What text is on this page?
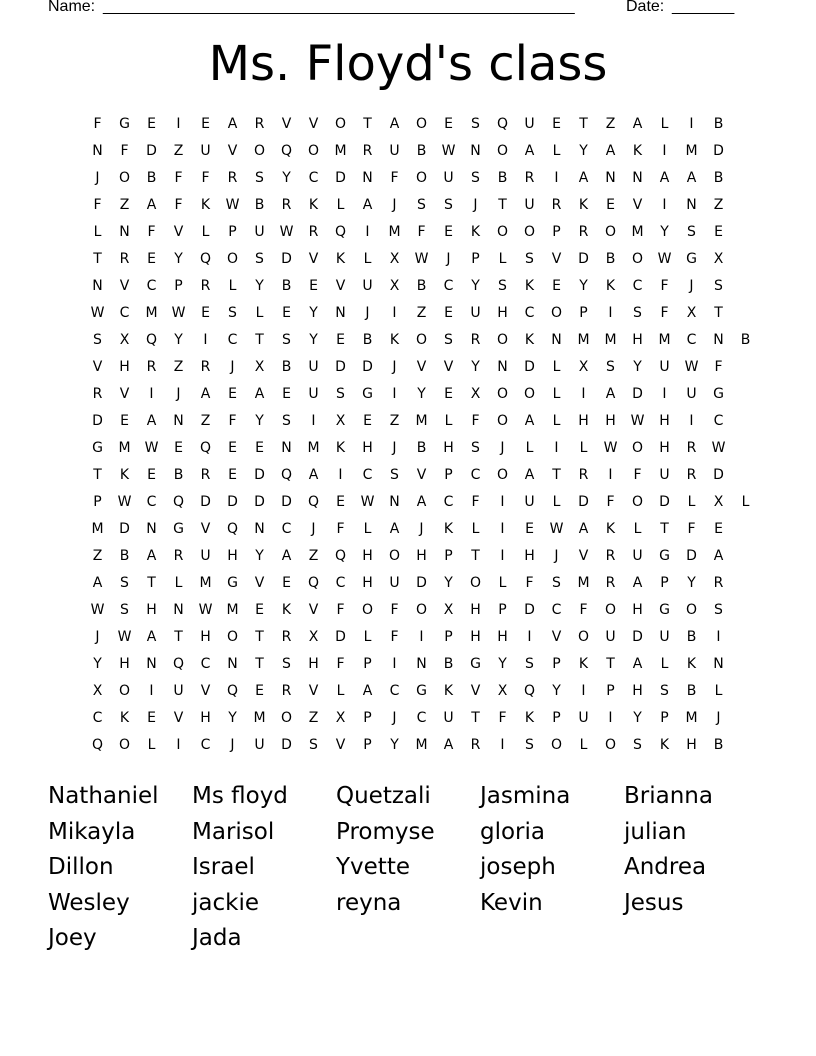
Name: _____________________________________________________	Date: _______
Ms. Floyd's class
F	G	E	I	E	A	R	V	V	O	T	A	O	E	S	Q	U	E	T	Z	A	L	I	B
N	F	D	Z	U	V	O	Q	O	M	R	U	B	W	N	O	A	L	Y	A	K	I	M	D
J	O	B	F	F	R	S	Y	C	D	N	F	O	U	S	B	R	I	A	N	N	A	A	B
F	Z	A	F	K	W	B	R	K	L	A	J	S	S	J	T	U	R	K	E	V	I	N	Z
L	N	F	V	L	P	U	W	R	Q	I	M	F	E	K	O	O	P	R	O	M	Y	S	E
T	R	E	Y	Q	O	S	D	V	K	L	X	W	J	P	L	S	V	D	B	O	W	G	X
N	V	C	P	R	L	Y	B	E	V	U	X	B	C	Y	S	K	E	Y	K	C	F	J	S
W	C	M	W	E	S	L	E	Y	N	J	I	Z	E	U	H	C	O	P	I	S	F	X	T
S	X	Q	Y	I	C	T	S	Y	E	B	K	O	S	R	O	K	N	M	M	H	M	C	N	B
V	H	R	Z	R	J	X	B	U	D	D	J	V	V	Y	N	D	L	X	S	Y	U	W	F
R	V	I	J	A	E	A	E	U	S	G	I	Y	E	X	O	O	L	I	A	D	I	U	G
D	E	A	N	Z	F	Y	S	I	X	E	Z	M	L	F	O	A	L	H	H	W	H	I	C
G	M	W	E	Q	E	E	N	M	K	H	J	B	H	S	J	L	I	L	W	O	H	R	W
T	K	E	B	R	E	D	Q	A	I	C	S	V	P	C	O	A	T	R	I	F	U	R	D
P	W	C	Q	D	D	D	D	Q	E	W	N	A	C	F	I	U	L	D	F	O	D	L	X	L
M	D	N	G	V	Q	N	C	J	F	L	A	J	K	L	I	E	W	A	K	L	T	F	E
Z	B	A	R	U	H	Y	A	Z	Q	H	O	H	P	T	I	H	J	V	R	U	G	D	A
A	S	T	L	M	G	V	E	Q	C	H	U	D	Y	O	L	F	S	M	R	A	P	Y	R
W	S	H	N	W	M	E	K	V	F	O	F	O	X	H	P	D	C	F	O	H	G	O	S
J	W	A	T	H	O	T	R	X	D	L	F	I	P	H	H	I	V	O	U	D	U	B	I
Y	H	N	Q	C	N	T	S	H	F	P	I	N	B	G	Y	S	P	K	T	A	L	K	N
X	O	I	U	V	Q	E	R	V	L	A	C	G	K	V	X	Q	Y	I	P	H	S	B	L
C	K	E	V	H	Y	M	O	Z	X	P	J	C	U	T	F	K	P	U	I	Y	P	M	J
Q	O	L	I	C	J	U	D	S	V	P	Y	M	A	R	I	S	O	L	O	S	K	H	B
Nathaniel	Ms floyd	Quetzali	Jasmina	Brianna
Mikayla	Marisol	Promyse	gloria	julian
Dillon	Israel	Yvette	joseph	Andrea
Wesley	jackie	reyna	Kevin	Jesus
Joey	Jada
